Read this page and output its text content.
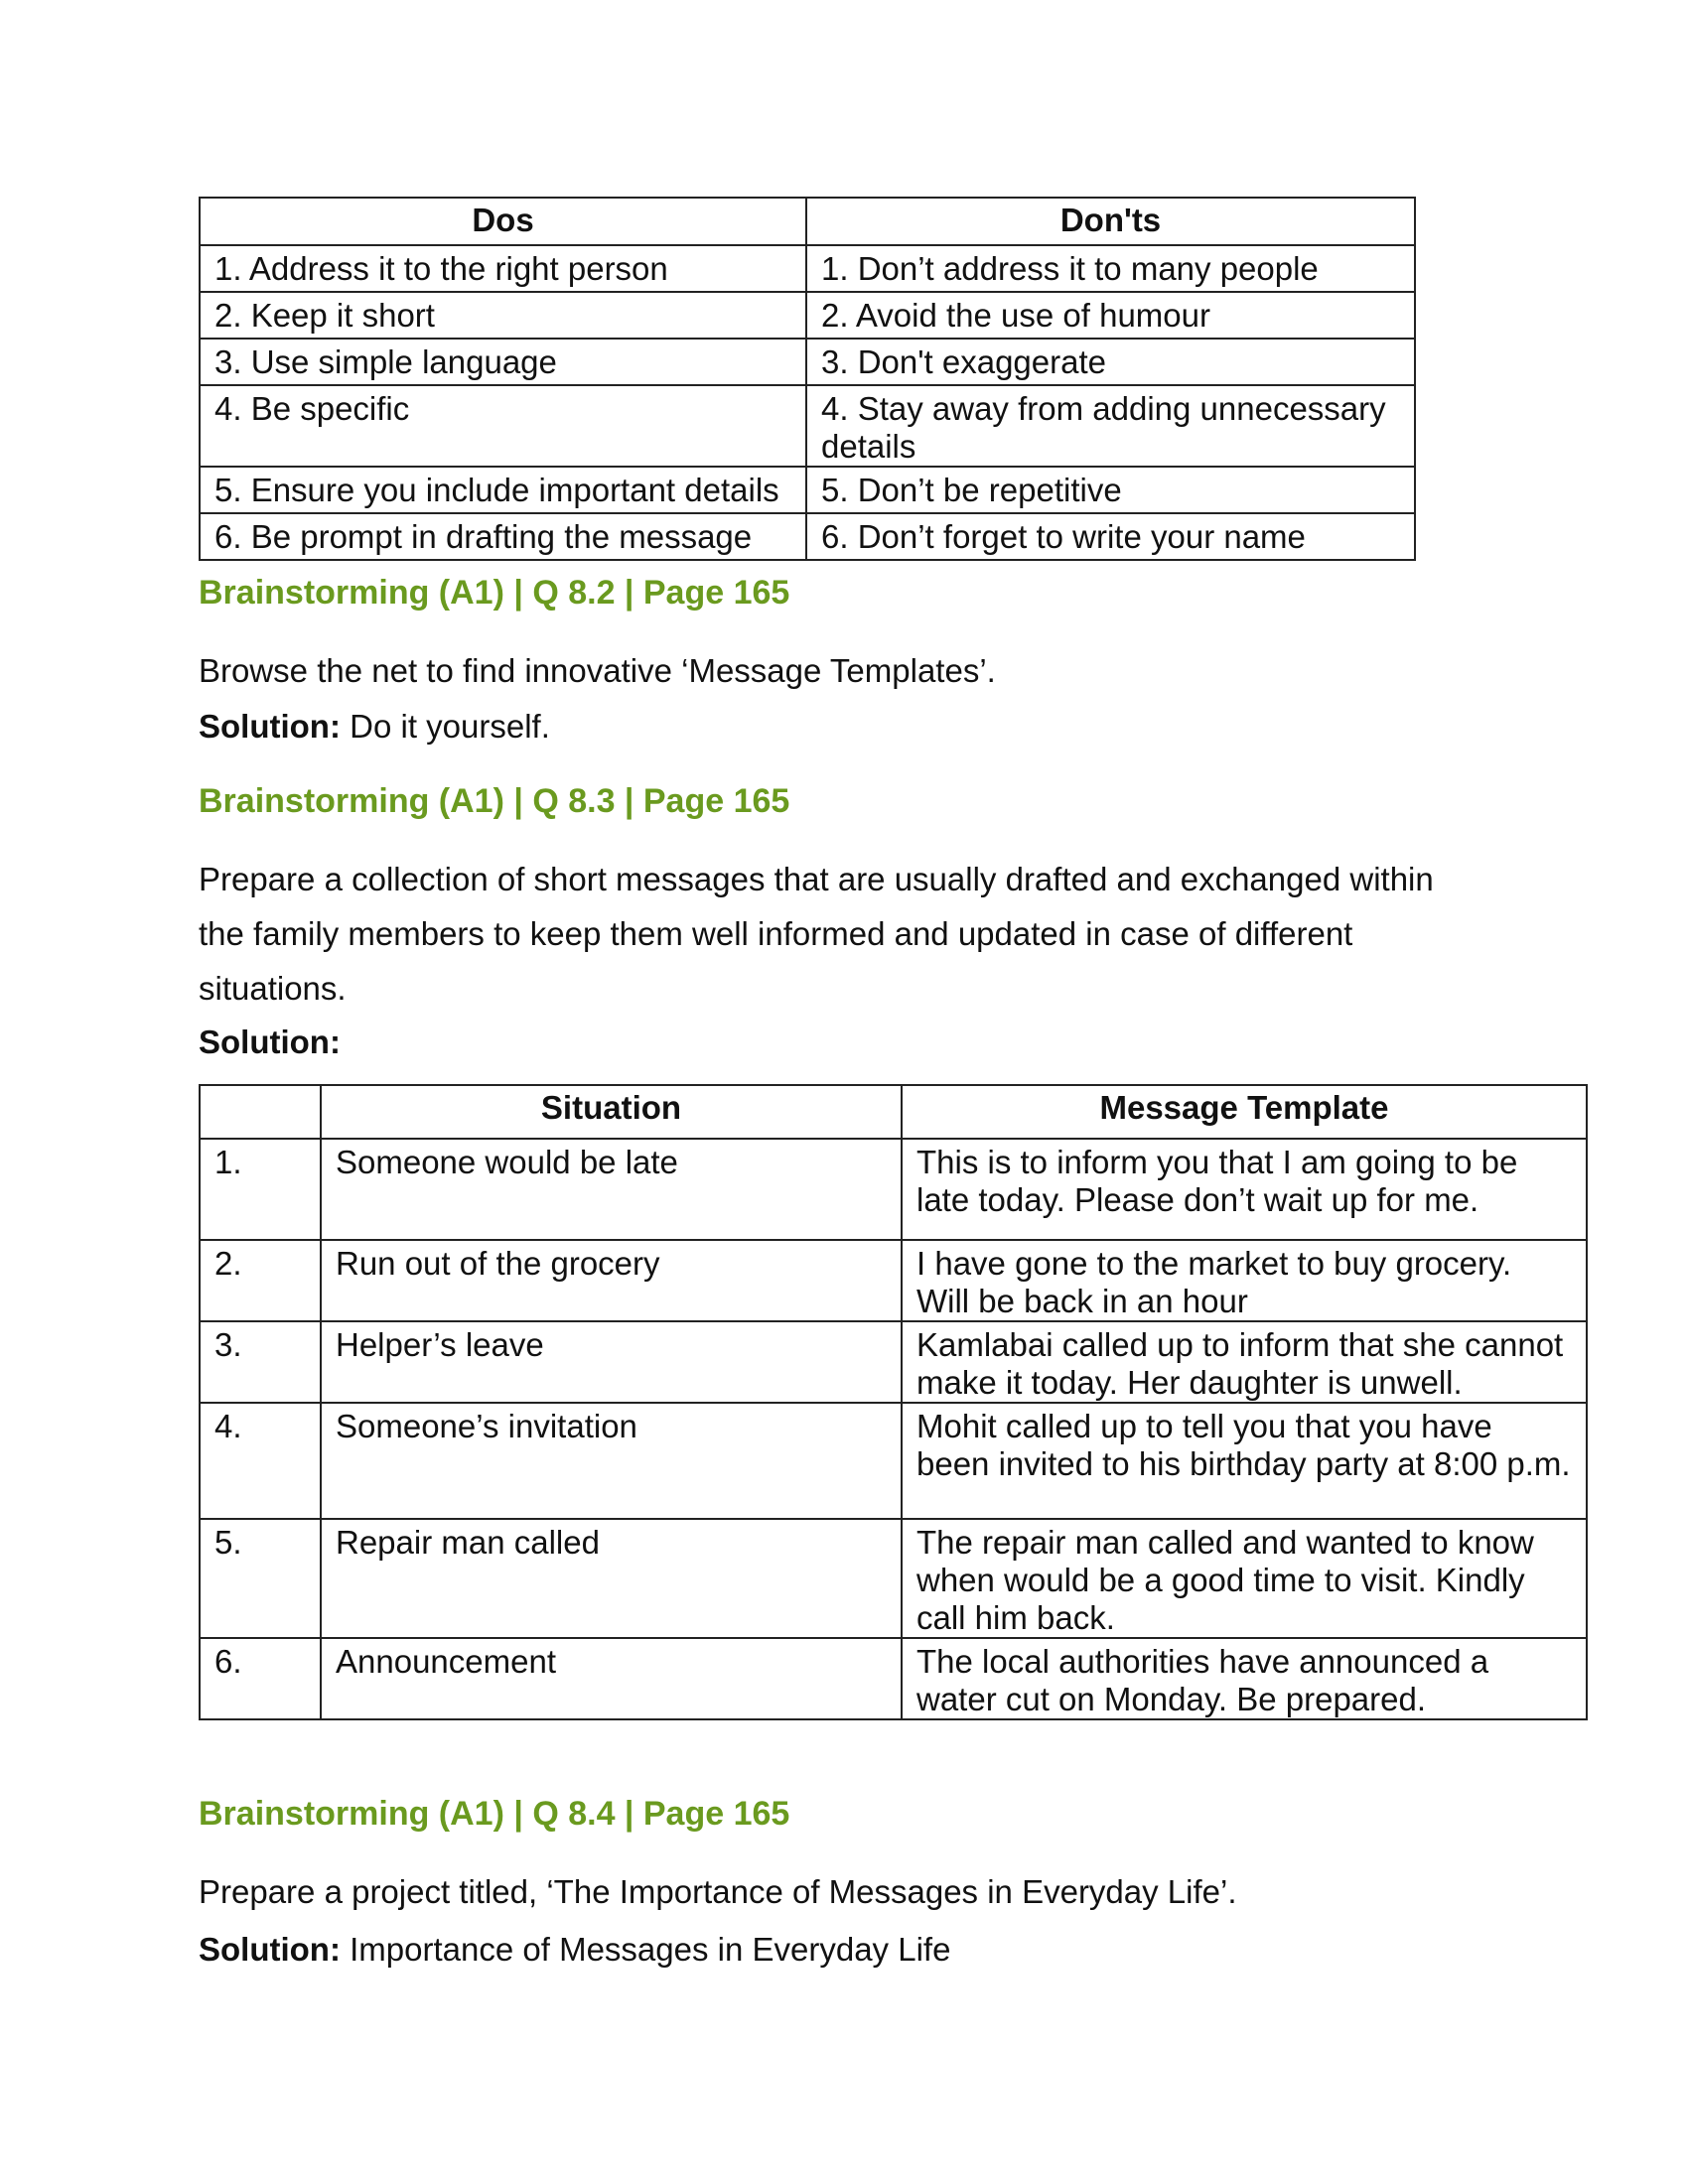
Dos	Don'ts
1. Address it to the right person	1. Don’t address it to many people
2. Keep it short	2. Avoid the use of humour
3. Use simple language	3. Don't exaggerate
4. Be specific	4. Stay away from adding unnecessary details
5. Ensure you include important details	5. Don’t be repetitive
6. Be prompt in drafting the message	6. Don’t forget to write your name
Brainstorming (A1) | Q 8.2 | Page 165

Browse the net to find innovative ‘Message Templates’.

Solution: Do it yourself.

Brainstorming (A1) | Q 8.3 | Page 165

Prepare a collection of short messages that are usually drafted and exchanged within the family members to keep them well informed and updated in case of different situations.

Solution:

	Situation	Message Template
1.	Someone would be late	This is to inform you that I am going to be late today. Please don’t wait up for me.
2.	Run out of the grocery	I have gone to the market to buy grocery. Will be back in an hour
3.	Helper’s leave	Kamlabai called up to inform that she cannot make it today. Her daughter is unwell.
4.	Someone’s invitation	Mohit called up to tell you that you have been invited to his birthday party at 8:00 p.m.
5.	Repair man called	The repair man called and wanted to know when would be a good time to visit. Kindly call him back.
6.	Announcement	The local authorities have announced a water cut on Monday. Be prepared.
Brainstorming (A1) | Q 8.4 | Page 165

Prepare a project titled, ‘The Importance of Messages in Everyday Life’.

Solution: Importance of Messages in Everyday Life
